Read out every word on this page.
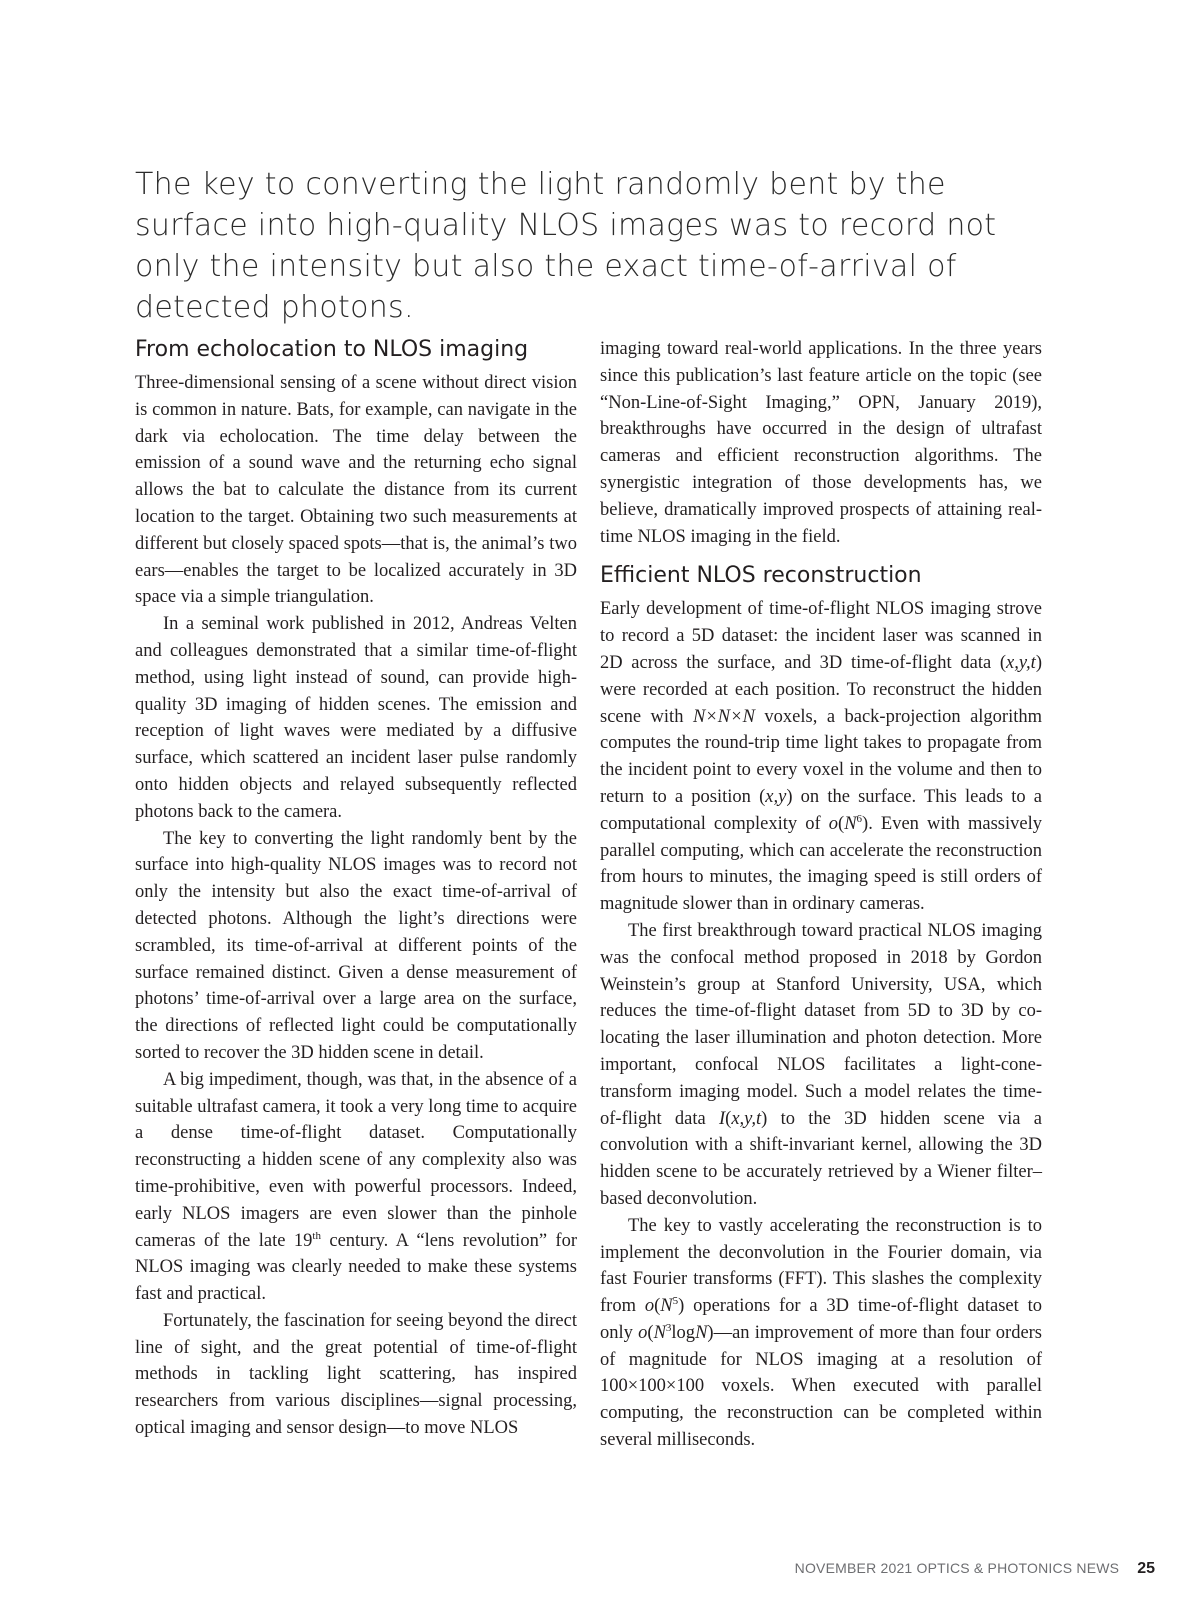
The key to converting the light randomly bent by the surface into high-quality NLOS images was to record not only the intensity but also the exact time-of-arrival of detected photons.

From echolocation to NLOS imaging

Three-dimensional sensing of a scene without direct vision is common in nature. Bats, for example, can navigate in the dark via echolocation. The time delay between the emission of a sound wave and the returning echo signal allows the bat to calculate the distance from its current location to the target. Obtaining two such measurements at different but closely spaced spots—that is, the animal’s two ears—enables the target to be localized accurately in 3D space via a simple triangulation.

In a seminal work published in 2012, Andreas Velten and colleagues demonstrated that a similar time-of-flight method, using light instead of sound, can provide high-quality 3D imaging of hidden scenes. The emission and reception of light waves were mediated by a diffusive surface, which scattered an incident laser pulse randomly onto hidden objects and relayed subsequently reflected photons back to the camera.

The key to converting the light randomly bent by the surface into high-quality NLOS images was to record not only the intensity but also the exact time-of-arrival of detected photons. Although the light’s directions were scrambled, its time-of-arrival at different points of the surface remained distinct. Given a dense measurement of photons’ time-of-arrival over a large area on the surface, the directions of reflected light could be computationally sorted to recover the 3D hidden scene in detail.

A big impediment, though, was that, in the absence of a suitable ultrafast camera, it took a very long time to acquire a dense time-of-flight dataset. Computationally reconstructing a hidden scene of any complexity also was time-prohibitive, even with powerful processors. Indeed, early NLOS imagers are even slower than the pinhole cameras of the late 19th century. A “lens revolution” for NLOS imaging was clearly needed to make these systems fast and practical.

Fortunately, the fascination for seeing beyond the direct line of sight, and the great potential of time-of-flight methods in tackling light scattering, has inspired researchers from various disciplines—signal processing, optical imaging and sensor design—to move NLOS

imaging toward real-world applications. In the three years since this publication’s last feature article on the topic (see “Non-Line-of-Sight Imaging,” OPN, January 2019), breakthroughs have occurred in the design of ultrafast cameras and efficient reconstruction algorithms. The synergistic integration of those developments has, we believe, dramatically improved prospects of attaining real-time NLOS imaging in the field.

Efficient NLOS reconstruction

Early development of time-of-flight NLOS imaging strove to record a 5D dataset: the incident laser was scanned in 2D across the surface, and 3D time-of-flight data (x,y,t) were recorded at each position. To reconstruct the hidden scene with N×N×N voxels, a back-projection algorithm computes the round-trip time light takes to propagate from the incident point to every voxel in the volume and then to return to a position (x,y) on the surface. This leads to a computational complexity of $o(N^6)$. Even with massively parallel computing, which can accelerate the reconstruction from hours to minutes, the imaging speed is still orders of magnitude slower than in ordinary cameras.

The first breakthrough toward practical NLOS imaging was the confocal method proposed in 2018 by Gordon Weinstein’s group at Stanford University, USA, which reduces the time-of-flight dataset from 5D to 3D by co-locating the laser illumination and photon detection. More important, confocal NLOS facilitates a light-cone-transform imaging model. Such a model relates the time-of-flight data I(x,y,t) to the 3D hidden scene via a convolution with a shift-invariant kernel, allowing the 3D hidden scene to be accurately retrieved by a Wiener filter–based deconvolution.

The key to vastly accelerating the reconstruction is to implement the deconvolution in the Fourier domain, via fast Fourier transforms (FFT). This slashes the complexity from $o(N^5)$ operations for a 3D time-of-flight dataset to only $o(N^3\log N)—an$ improvement of more than four orders of magnitude for NLOS imaging at a resolution of 100×100×100 voxels. When executed with parallel computing, the reconstruction can be completed within several milliseconds.

NOVEMBER 2021 OPTICS & PHOTONICS NEWS 25
